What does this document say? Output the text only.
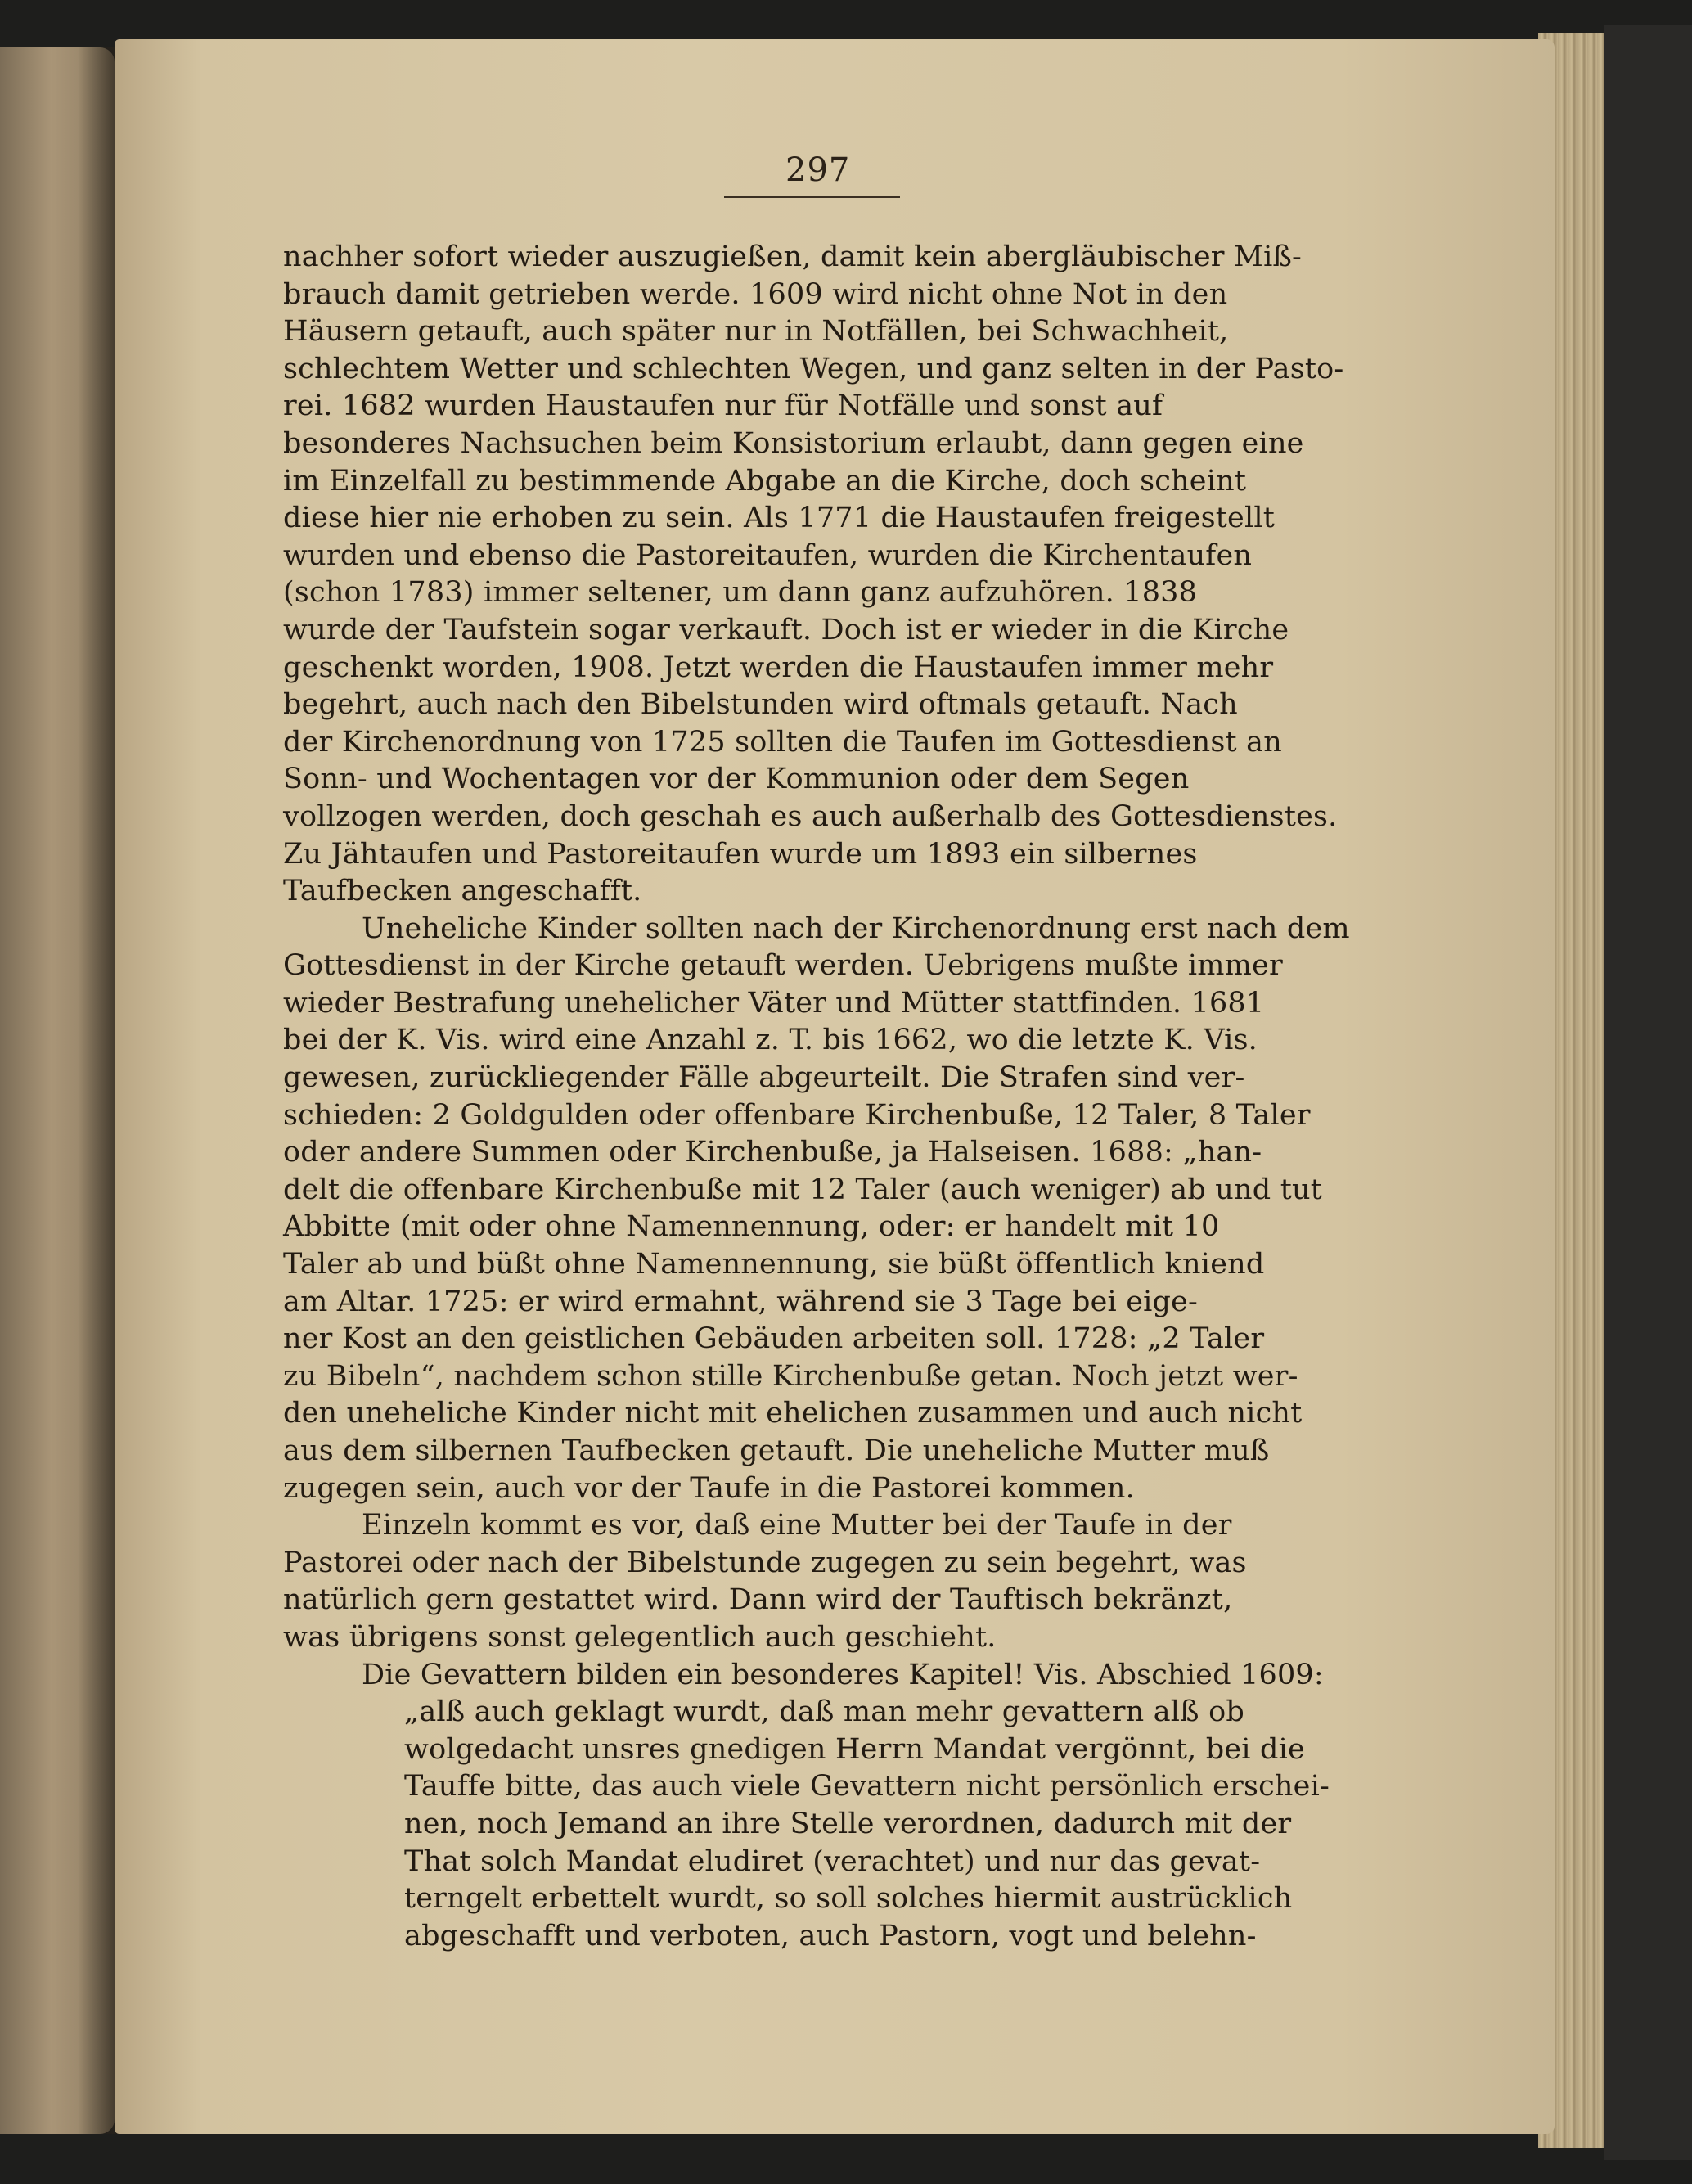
297
nachher sofort wieder auszugießen, damit kein abergläubischer Miß-
brauch damit getrieben werde. 1609 wird nicht ohne Not in den
Häusern getauft, auch später nur in Notfällen, bei Schwachheit,
schlechtem Wetter und schlechten Wegen, und ganz selten in der Pasto-
rei. 1682 wurden Haustaufen nur für Notfälle und sonst auf
besonderes Nachsuchen beim Konsistorium erlaubt, dann gegen eine
im Einzelfall zu bestimmende Abgabe an die Kirche, doch scheint
diese hier nie erhoben zu sein. Als 1771 die Haustaufen freigestellt
wurden und ebenso die Pastoreitaufen, wurden die Kirchentaufen
(schon 1783) immer seltener, um dann ganz aufzuhören. 1838
wurde der Taufstein sogar verkauft. Doch ist er wieder in die Kirche
geschenkt worden, 1908. Jetzt werden die Haustaufen immer mehr
begehrt, auch nach den Bibelstunden wird oftmals getauft. Nach
der Kirchenordnung von 1725 sollten die Taufen im Gottesdienst an
Sonn- und Wochentagen vor der Kommunion oder dem Segen
vollzogen werden, doch geschah es auch außerhalb des Gottesdienstes.
Zu Jähtaufen und Pastoreitaufen wurde um 1893 ein silbernes
Taufbecken angeschafft.
Uneheliche Kinder sollten nach der Kirchenordnung erst nach dem
Gottesdienst in der Kirche getauft werden. Uebrigens mußte immer
wieder Bestrafung unehelicher Väter und Mütter stattfinden. 1681
bei der K. Vis. wird eine Anzahl z. T. bis 1662, wo die letzte K. Vis.
gewesen, zurückliegender Fälle abgeurteilt. Die Strafen sind ver-
schieden: 2 Goldgulden oder offenbare Kirchenbuße, 12 Taler, 8 Taler
oder andere Summen oder Kirchenbuße, ja Halseisen. 1688: „han-
delt die offenbare Kirchenbuße mit 12 Taler (auch weniger) ab und tut
Abbitte (mit oder ohne Namennennung, oder: er handelt mit 10
Taler ab und büßt ohne Namennennung, sie büßt öffentlich kniend
am Altar. 1725: er wird ermahnt, während sie 3 Tage bei eige-
ner Kost an den geistlichen Gebäuden arbeiten soll. 1728: „2 Taler
zu Bibeln“, nachdem schon stille Kirchenbuße getan. Noch jetzt wer-
den uneheliche Kinder nicht mit ehelichen zusammen und auch nicht
aus dem silbernen Taufbecken getauft. Die uneheliche Mutter muß
zugegen sein, auch vor der Taufe in die Pastorei kommen.
Einzeln kommt es vor, daß eine Mutter bei der Taufe in der
Pastorei oder nach der Bibelstunde zugegen zu sein begehrt, was
natürlich gern gestattet wird. Dann wird der Tauftisch bekränzt,
was übrigens sonst gelegentlich auch geschieht.
Die Gevattern bilden ein besonderes Kapitel! Vis. Abschied 1609:
„alß auch geklagt wurdt, daß man mehr gevattern alß ob
wolgedacht unsres gnedigen Herrn Mandat vergönnt, bei die
Tauffe bitte, das auch viele Gevattern nicht persönlich erschei-
nen, noch Jemand an ihre Stelle verordnen, dadurch mit der
That solch Mandat eludiret (verachtet) und nur das gevat-
terngelt erbettelt wurdt, so soll solches hiermit austrücklich
abgeschafft und verboten, auch Pastorn, vogt und belehn-
